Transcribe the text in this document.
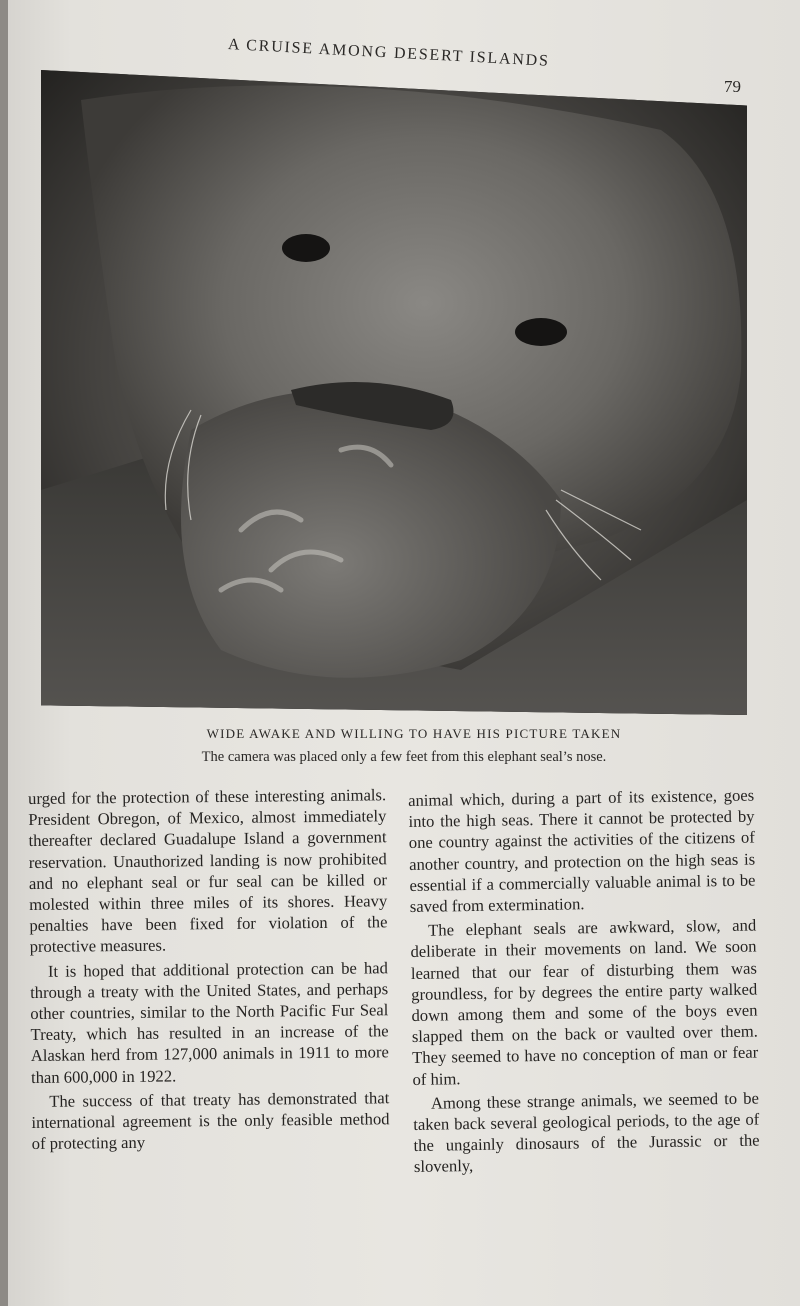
A CRUISE AMONG DESERT ISLANDS
79
WIDE AWAKE AND WILLING TO HAVE HIS PICTURE TAKEN
The camera was placed only a few feet from this elephant seal’s nose.

urged for the protection of these interesting animals. President Obregon, of Mexico, almost immediately thereafter declared Guadalupe Island a government reservation. Unauthorized landing is now prohibited and no elephant seal or fur seal can be killed or molested within three miles of its shores. Heavy penalties have been fixed for violation of the protective measures.

It is hoped that additional protection can be had through a treaty with the United States, and perhaps other countries, similar to the North Pacific Fur Seal Treaty, which has resulted in an increase of the Alaskan herd from 127,000 animals in 1911 to more than 600,000 in 1922.

The success of that treaty has demonstrated that international agreement is the only feasible method of protecting any

animal which, during a part of its existence, goes into the high seas. There it cannot be protected by one country against the activities of the citizens of another country, and protection on the high seas is essential if a commercially valuable animal is to be saved from extermination.

The elephant seals are awkward, slow, and deliberate in their movements on land. We soon learned that our fear of disturbing them was groundless, for by degrees the entire party walked down among them and some of the boys even slapped them on the back or vaulted over them. They seemed to have no conception of man or fear of him.

Among these strange animals, we seemed to be taken back several geological periods, to the age of the ungainly dinosaurs of the Jurassic or the slovenly,
